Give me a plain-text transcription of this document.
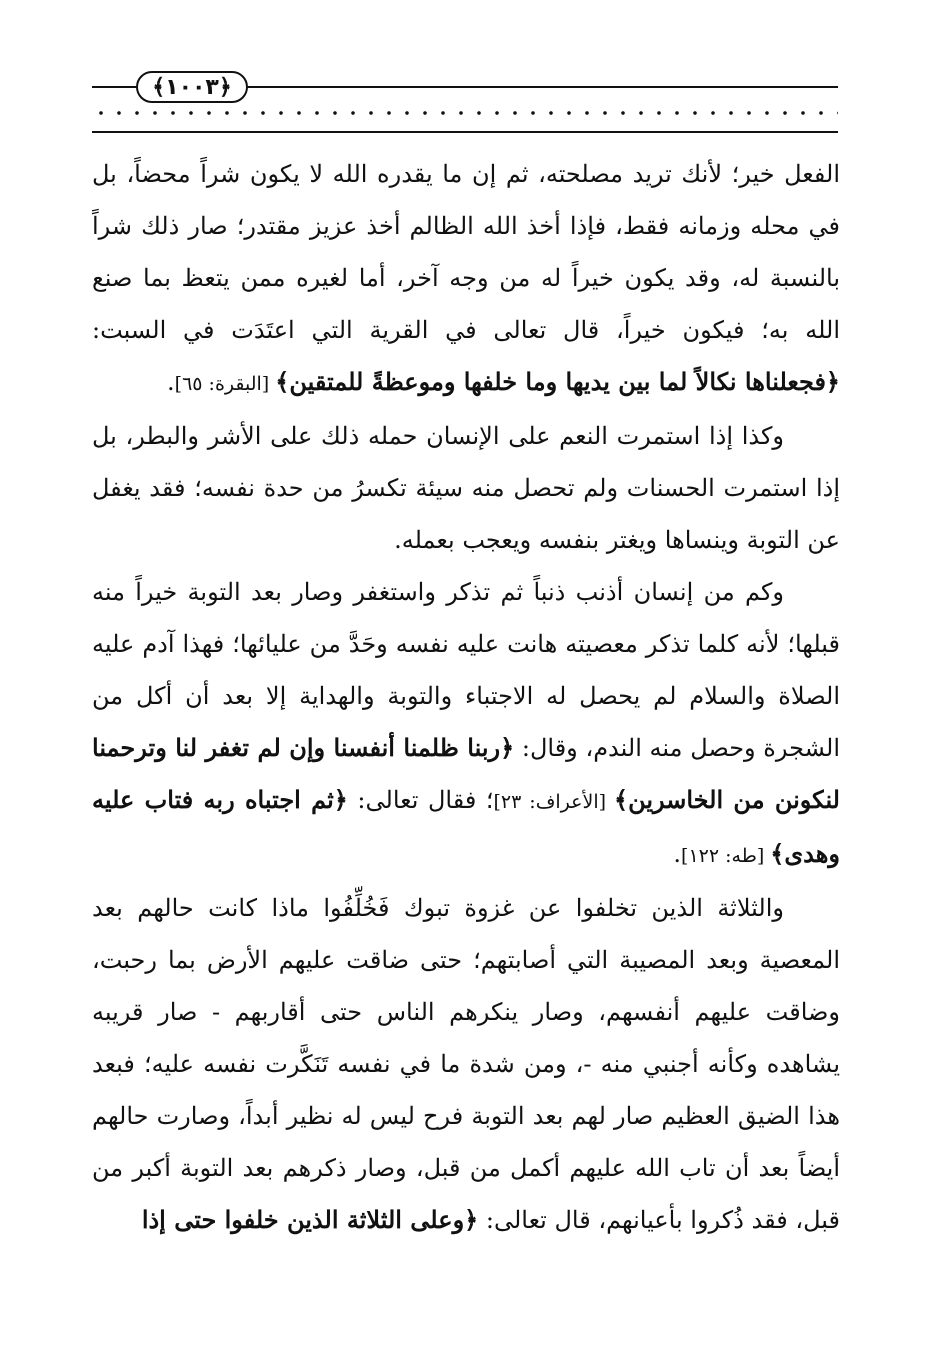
﴿١٠٠٣﴾

الفعل خير؛ لأنك تريد مصلحته، ثم إن ما يقدره الله لا يكون شراً محضاً، بل في محله وزمانه فقط، فإذا أخذ الله الظالم أخذ عزيز مقتدر؛ صار ذلك شراً بالنسبة له، وقد يكون خيراً له من وجه آخر، أما لغيره ممن يتعظ بما صنع الله به؛ فيكون خيراً، قال تعالى في القرية التي اعتَدَت في السبت: ﴿فجعلناها نكالاً لما بين يديها وما خلفها وموعظةً للمتقين﴾ [البقرة: ٦٥].

وكذا إذا استمرت النعم على الإنسان حمله ذلك على الأشر والبطر، بل إذا استمرت الحسنات ولم تحصل منه سيئة تكسرُ من حدة نفسه؛ فقد يغفل عن التوبة وينساها ويغتر بنفسه ويعجب بعمله.

وكم من إنسان أذنب ذنباً ثم تذكر واستغفر وصار بعد التوبة خيراً منه قبلها؛ لأنه كلما تذكر معصيته هانت عليه نفسه وحَدَّ من عليائها؛ فهذا آدم عليه الصلاة والسلام لم يحصل له الاجتباء والتوبة والهداية إلا بعد أن أكل من الشجرة وحصل منه الندم، وقال: ﴿ربنا ظلمنا أنفسنا وإن لم تغفر لنا وترحمنا لنكونن من الخاسرين﴾ [الأعراف: ٢٣]؛ فقال تعالى: ﴿ثم اجتباه ربه فتاب عليه وهدى﴾ [طه: ١٢٢].

والثلاثة الذين تخلفوا عن غزوة تبوك فَخُلِّفُوا ماذا كانت حالهم بعد المعصية وبعد المصيبة التي أصابتهم؛ حتى ضاقت عليهم الأرض بما رحبت، وضاقت عليهم أنفسهم، وصار ينكرهم الناس حتى أقاربهم - صار قريبه يشاهده وكأنه أجنبي منه -، ومن شدة ما في نفسه تَنَكَّرت نفسه عليه؛ فبعد هذا الضيق العظيم صار لهم بعد التوبة فرح ليس له نظير أبداً، وصارت حالهم أيضاً بعد أن تاب الله عليهم أكمل من قبل، وصار ذكرهم بعد التوبة أكبر من قبل، فقد ذُكروا بأعيانهم، قال تعالى: ﴿وعلى الثلاثة الذين خلفوا حتى إذا
